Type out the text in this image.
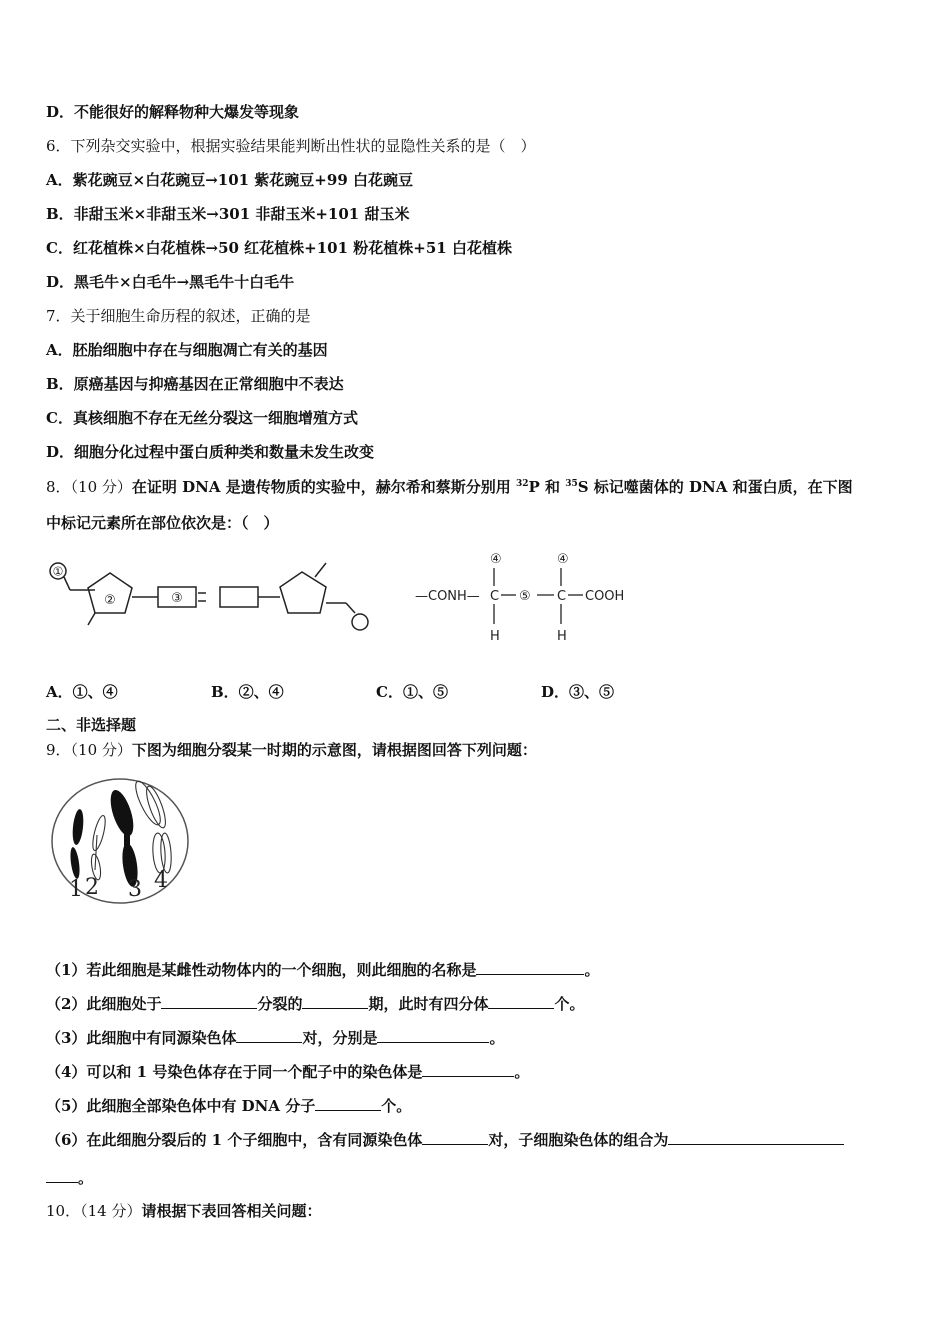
D．不能很好的解释物种大爆发等现象
6．下列杂交实验中，根据实验结果能判断出性状的显隐性关系的是（　）
A．紫花豌豆×白花豌豆→101 紫花豌豆+99 白花豌豆
B．非甜玉米×非甜玉米→301 非甜玉米+101 甜玉米
C．红花植株×白花植株→50 红花植株+101 粉花植株+51 白花植株
D．黑毛牛×白毛牛→黑毛牛十白毛牛
7．关于细胞生命历程的叙述，正确的是
A．胚胎细胞中存在与细胞凋亡有关的基因
B．原癌基因与抑癌基因在正常细胞中不表达
C．真核细胞不存在无丝分裂这一细胞增殖方式
D．细胞分化过程中蛋白质种类和数量未发生改变
8．（10 分）在证明 DNA 是遗传物质的实验中，赫尔希和蔡斯分别用 $^{32}$P 和 $^{35}$S 标记噬菌体的 DNA 和蛋白质，在下图
中标记元素所在部位依次是：（　）
①
②	③	—CONH— C	C COOH
H	H
④	④
⑤
A．①、④	B．②、④	C．①、⑤	D．③、⑤
二、非选择题
9．（10 分）下图为细胞分裂某一时期的示意图，请根据图回答下列问题：
1 2 3 4
（1）若此细胞是某雌性动物体内的一个细胞，则此细胞的名称是	。
（2）此细胞处于	分裂的	期，此时有四分体	个。
（3）此细胞中有同源染色体	对，分别是	。
（4）可以和 1 号染色体存在于同一个配子中的染色体是	。
（5）此细胞全部染色体中有 DNA 分子	个。
（6）在此细胞分裂后的 1 个子细胞中，含有同源染色体	对，子细胞染色体的组合为
。
10．（14 分）请根据下表回答相关问题：
